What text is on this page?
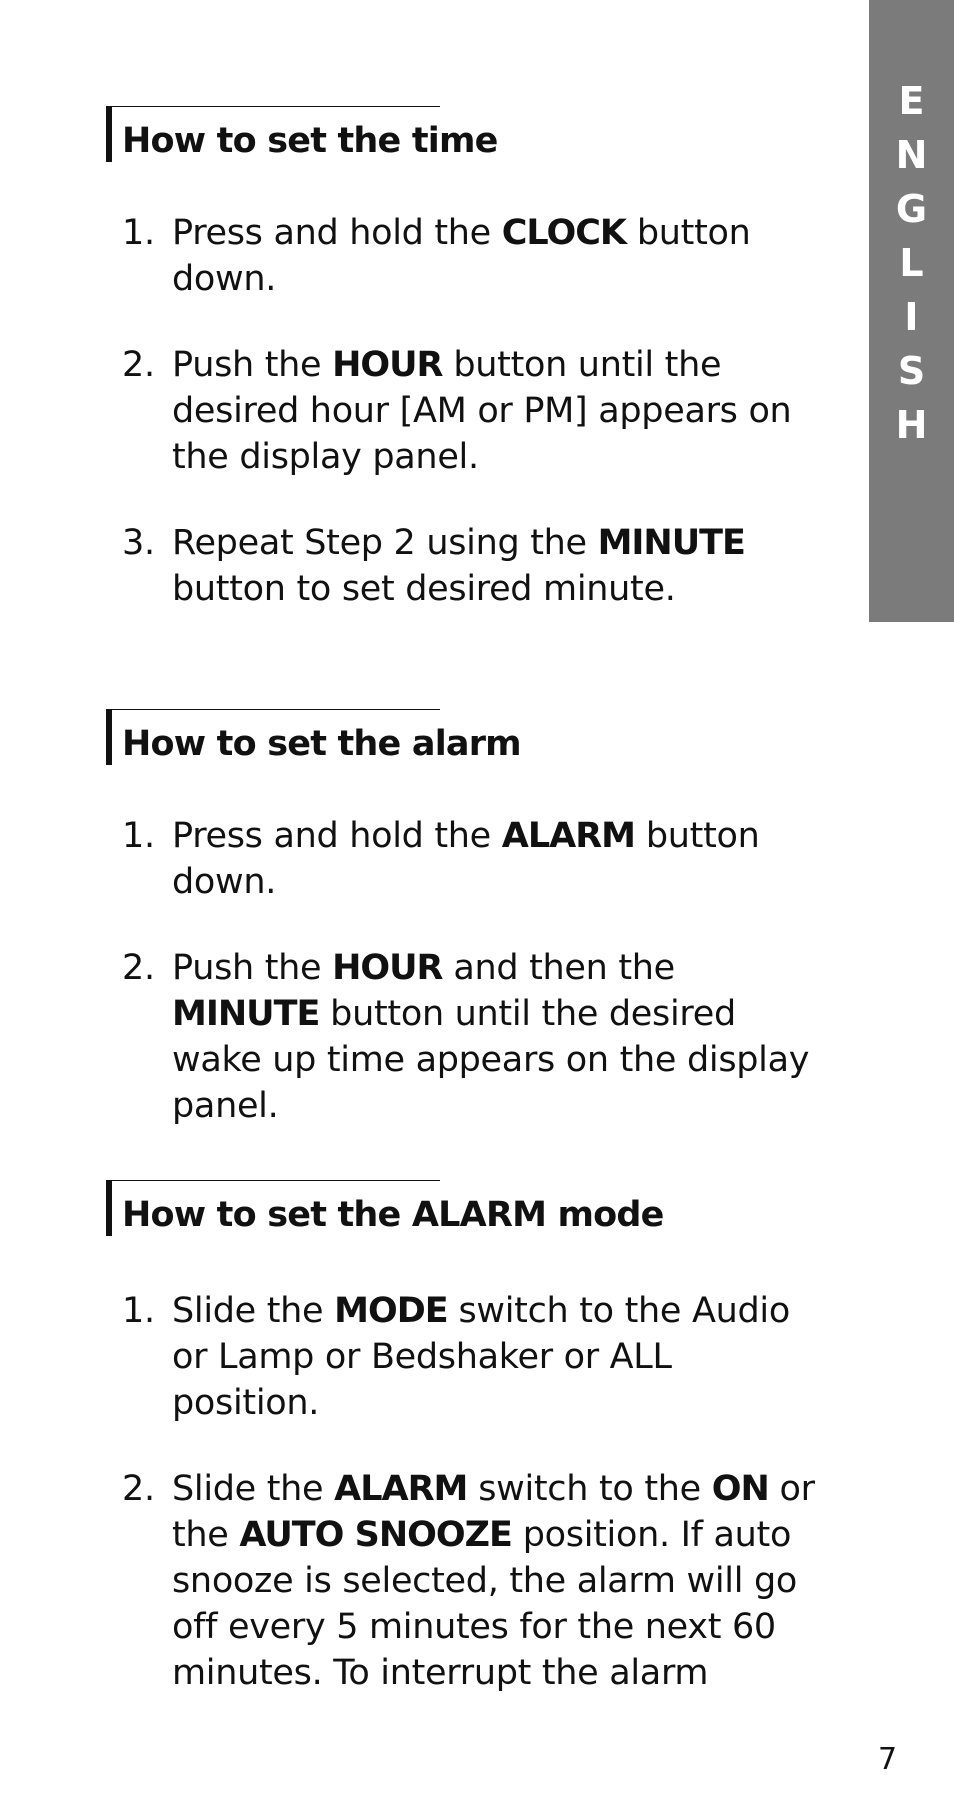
E
N
G
L
I
S
H
How to set the time
1. Press and hold the CLOCK button down.
2. Push the HOUR button until the desired hour [AM or PM] appears on the display panel.
3. Repeat Step 2 using the MINUTE button to set desired minute.
How to set the alarm
1. Press and hold the ALARM button down.
2. Push the HOUR and then the MINUTE button until the desired wake up time appears on the display panel.
How to set the ALARM mode
1. Slide the MODE switch to the Audio or Lamp or Bedshaker or ALL position.
2. Slide the ALARM switch to the ON or the AUTO SNOOZE position. If auto snooze is selected, the alarm will go off every 5 minutes for the next 60 minutes. To interrupt the alarm
7
